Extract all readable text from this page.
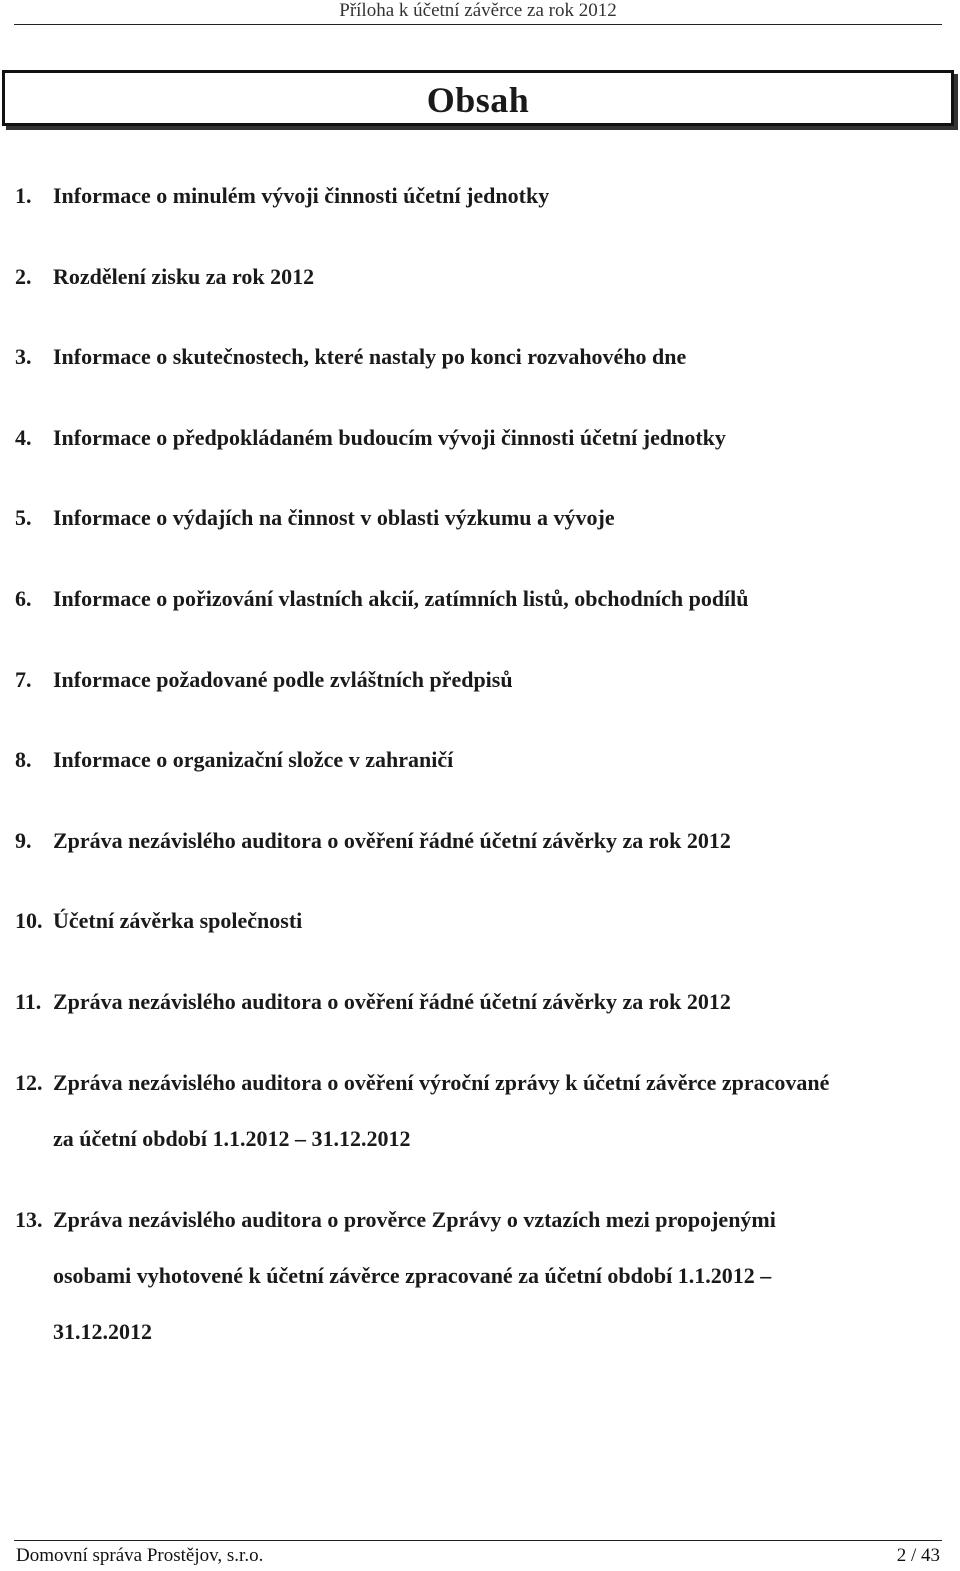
Příloha k účetní závěrce za rok 2012
Obsah
1. Informace o minulém vývoji činnosti účetní jednotky
2. Rozdělení zisku za rok 2012
3. Informace o skutečnostech, které nastaly po konci rozvahového dne
4. Informace o předpokládaném budoucím vývoji činnosti účetní jednotky
5. Informace o výdajích na činnost v oblasti výzkumu a vývoje
6. Informace o pořizování vlastních akcií, zatímních listů, obchodních podílů
7. Informace požadované podle zvláštních předpisů
8. Informace o organizační složce v zahraničí
9. Zpráva nezávislého auditora o ověření řádné účetní závěrky za rok 2012
10. Účetní závěrka společnosti
11. Zpráva nezávislého auditora o ověření řádné účetní závěrky za rok 2012
12. Zpráva nezávislého auditora o ověření výroční zprávy k účetní závěrce zpracované
za účetní období 1.1.2012 – 31.12.2012
13. Zpráva nezávislého auditora o prověrce Zprávy o vztazích mezi propojenými
osobami vyhotovené k účetní závěrce zpracované za účetní období 1.1.2012 –
31.12.2012
Domovní správa Prostějov, s.r.o.	2 / 43
